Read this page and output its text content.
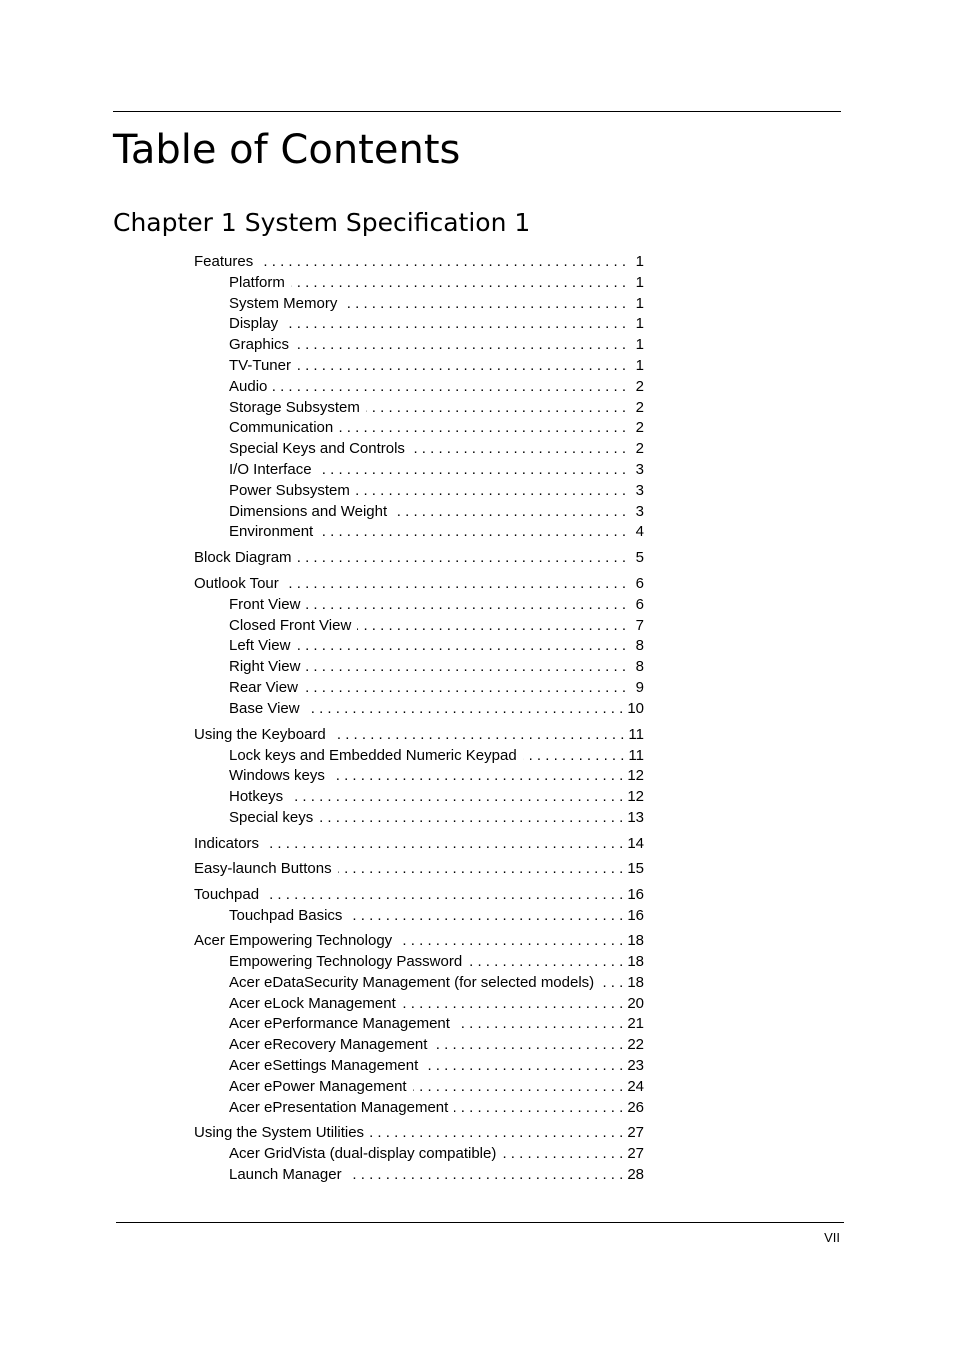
Table of Contents
Chapter 1 System Specification 1
Features . . .	1
Platform . . .	1
System Memory . . .	1
Display . . .	1
Graphics . . .	1
TV-Tuner . . .	1
Audio . . .	2
Storage Subsystem . . .	2
Communication . . .	2
Special Keys and Controls . . .	2
I/O Interface . . .	3
Power Subsystem . . .	3
Dimensions and Weight . . .	3
Environment . . .	4
Block Diagram . . .	5
Outlook Tour . . .	6
Front View . . .	6
Closed Front View . . .	7
Left View . . .	8
Right View . . .	8
Rear View . . .	9
Base View . . .	10
Using the Keyboard . . .	11
Lock keys and Embedded Numeric Keypad . . .	11
Windows keys . . .	12
Hotkeys . . .	12
Special keys . . .	13
Indicators . . .	14
Easy-launch Buttons . . .	15
Touchpad . . .	16
Touchpad Basics . . .	16
Acer Empowering Technology . . .	18
Empowering Technology Password . . .	18
Acer eDataSecurity Management (for selected models) . . .	18
Acer eLock Management . . .	20
Acer ePerformance Management . . .	21
Acer eRecovery Management . . .	22
Acer eSettings Management . . .	23
Acer ePower Management . . .	24
Acer ePresentation Management . . .	26
Using the System Utilities . . .	27
Acer GridVista (dual-display compatible) . . .	27
Launch Manager . . .	28
VII
